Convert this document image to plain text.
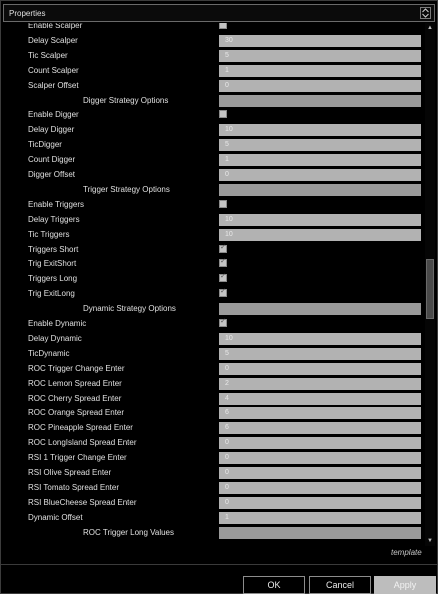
Properties
Enable Scalper
Delay Scalper	30
Tic Scalper	5
Count Scalper	1
Scalper Offset	0
Digger Strategy Options
Enable Digger
Delay Digger	10
TicDigger	5
Count Digger	1
Digger Offset	0
Trigger Strategy Options
Enable Triggers
Delay Triggers	10
Tic Triggers	10
Triggers Short	✓
Trig ExitShort	✓
Triggers Long	✓
Trig ExitLong	✓
Dynamic Strategy Options
Enable Dynamic	✓
Delay Dynamic	10
TicDynamic	5
ROC Trigger Change Enter	0
ROC Lemon Spread Enter	2
ROC Cherry Spread Enter	4
ROC Orange Spread Enter	6
ROC Pineapple Spread Enter	6
ROC LongIsland Spread Enter	0
RSI 1 Trigger Change Enter	0
RSI Olive Spread Enter	0
RSI Tomato Spread Enter	0
RSI BlueCheese Spread Enter	0
Dynamic Offset	1
ROC Trigger Long Values
▲
▼
template
OK	Cancel	Apply
